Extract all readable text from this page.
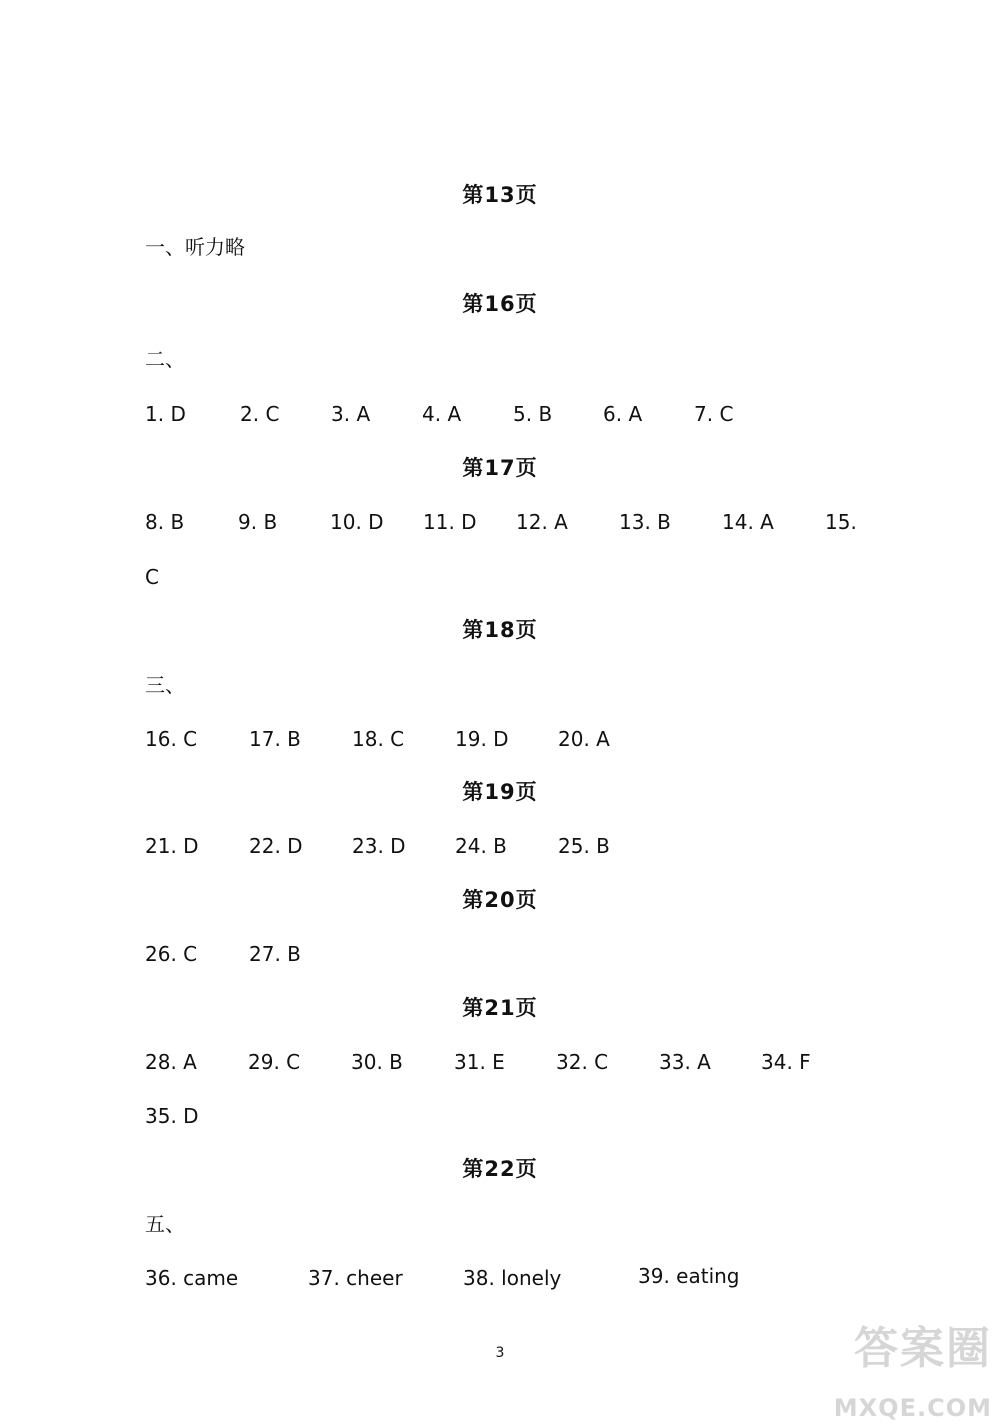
第13页
一、听力略
第16页
二、
1. D	2. C	3. A	4. A	5. B	6. A	7. C
第17页
8. B	9. B	10. D 11. D 12. A	13. B	14. A	15.
C
第18页
三、
16. C	17. B	18. C	19. D 20. A
第19页
21. D	22. D 23. D 24. B	25. B
第20页
26. C	27. B
第21页
28. A	29. C	30. B	31. E	32. C	33. A	34. F
35. D
第22页
五、
36. came	37. cheer	38. lonely	39. eating
3	答案圈
MXQE.COM
